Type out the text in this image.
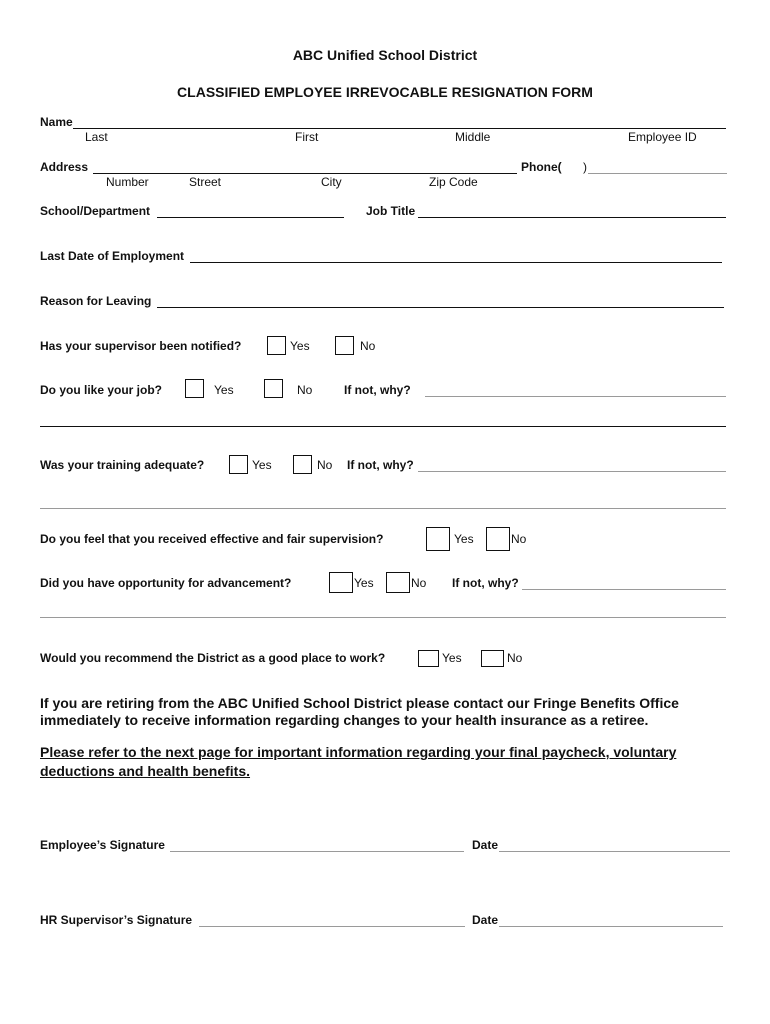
ABC Unified School District
CLASSIFIED EMPLOYEE IRREVOCABLE RESIGNATION FORM
Name
Last	First	Middle	Employee ID
Address	Phone( )
Number	Street	City	Zip Code
School/Department	Job Title
Last Date of Employment
Reason for Leaving
Has your supervisor been notified?	Yes	No
Do you like your job?	Yes	No	If not, why?
Was your training adequate?	Yes	No If not, why?
Do you feel that you received effective and fair supervision?	Yes	No
Did you have opportunity for advancement?	Yes	No If not, why?
Would you recommend the District as a good place to work?	Yes	No
If you are retiring from the ABC Unified School District please contact our Fringe Benefits Office immediately to receive information regarding changes to your health insurance as a retiree.
Please refer to the next page for important information regarding your final paycheck, voluntary deductions and health benefits.
Employee’s Signature	Date
HR Supervisor’s Signature	Date
